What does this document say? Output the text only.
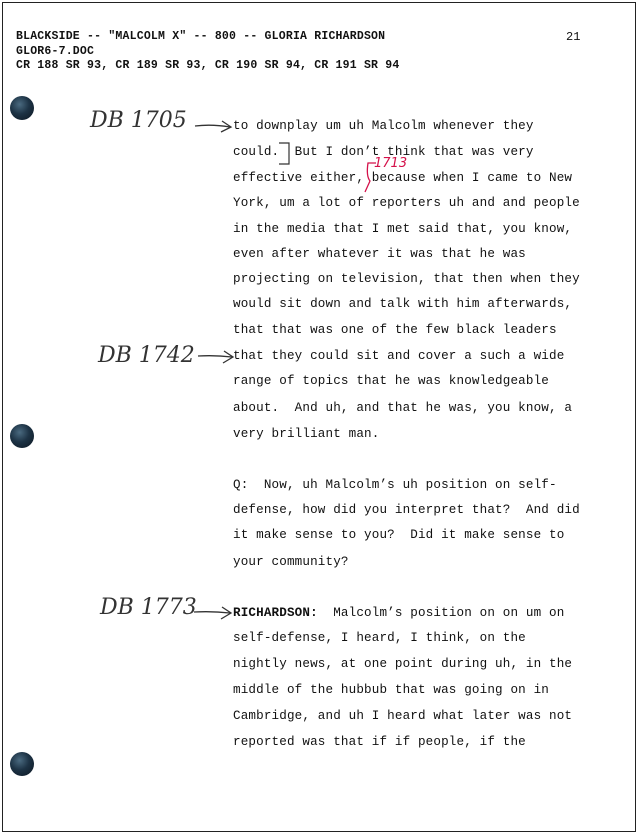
BLACKSIDE -- "MALCOLM X" -- 800 -- GLORIA RICHARDSON
GLOR6-7.DOC
CR 188 SR 93, CR 189 SR 93, CR 190 SR 94, CR 191 SR 94
21
DB 1705
DB 1742
DB 1773
1713
to downplay um uh Malcolm whenever they
could.  But I don’t think that was very
effective either, because when I came to New
York, um a lot of reporters uh and and people
in the media that I met said that, you know,
even after whatever it was that he was
projecting on television, that then when they
would sit down and talk with him afterwards,
that that was one of the few black leaders
that they could sit and cover a such a wide
range of topics that he was knowledgeable
about.  And uh, and that he was, you know, a
very brilliant man.
Q:  Now, uh Malcolm’s uh position on self-
defense, how did you interpret that?  And did
it make sense to you?  Did it make sense to
your community?
RICHARDSON:  Malcolm’s position on on um on
self-defense, I heard, I think, on the
nightly news, at one point during uh, in the
middle of the hubbub that was going on in
Cambridge, and uh I heard what later was not
reported was that if if people, if the
